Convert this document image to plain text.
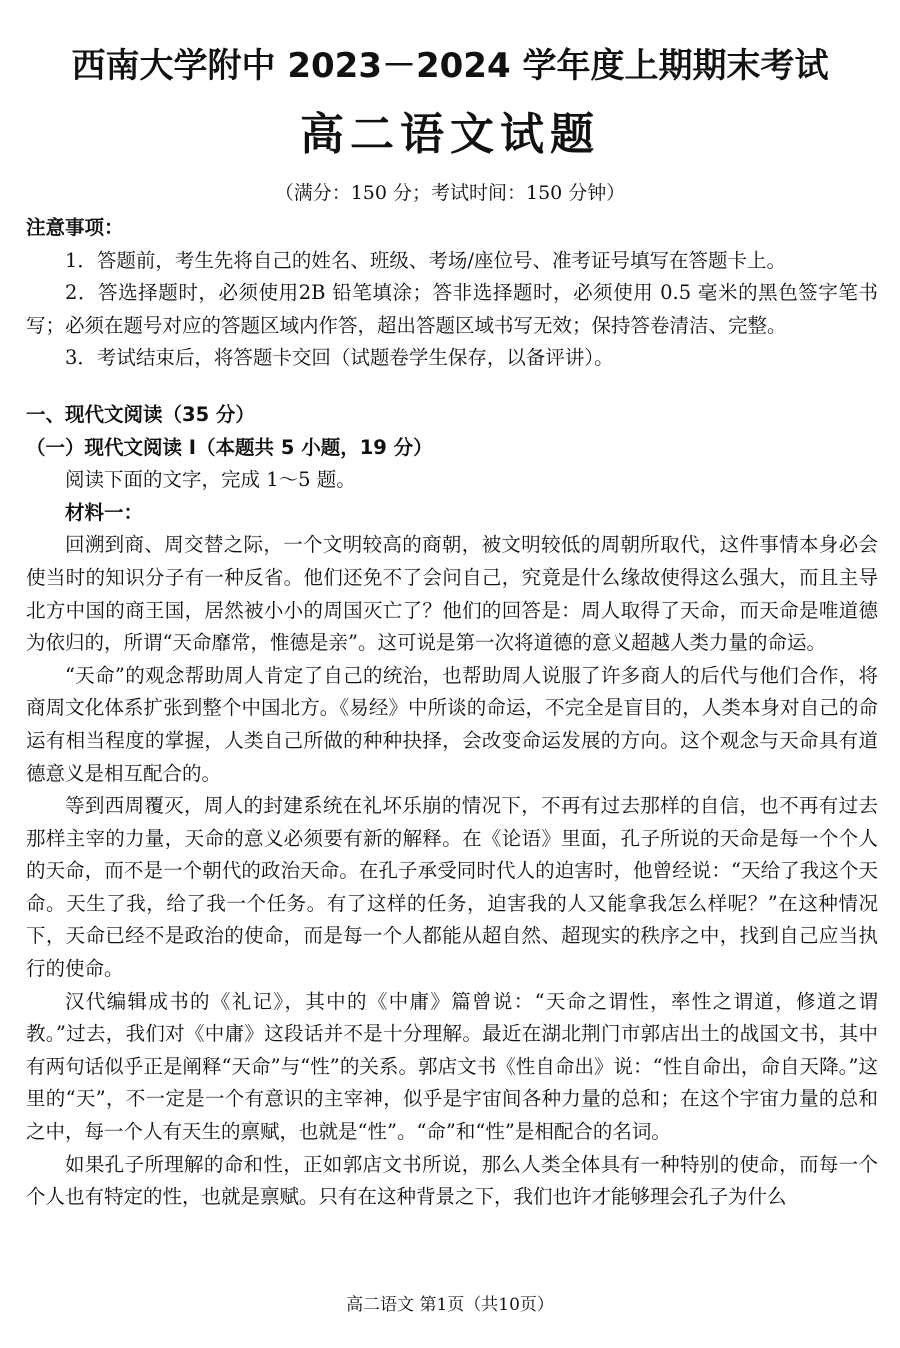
西南大学附中 2023－2024 学年度上期期末考试
高二语文试题
（满分：150 分；考试时间：150 分钟）

注意事项：

1．答题前，考生先将自己的姓名、班级、考场/座位号、准考证号填写在答题卡上。

2．答选择题时，必须使用2B 铅笔填涂；答非选择题时，必须使用 0.5 毫米的黑色签字笔书写；必须在题号对应的答题区域内作答，超出答题区域书写无效；保持答卷清洁、完整。

3．考试结束后，将答题卡交回（试题卷学生保存，以备评讲）。

一、现代文阅读（35 分）

（一）现代文阅读 I（本题共 5 小题，19 分）

阅读下面的文字，完成 1～5 题。

材料一：

回溯到商、周交替之际，一个文明较高的商朝，被文明较低的周朝所取代，这件事情本身必会使当时的知识分子有一种反省。他们还免不了会问自己，究竟是什么缘故使得这么强大，而且主导北方中国的商王国，居然被小小的周国灭亡了？他们的回答是：周人取得了天命，而天命是唯道德为依归的，所谓“天命靡常，惟德是亲”。这可说是第一次将道德的意义超越人类力量的命运。

“天命”的观念帮助周人肯定了自己的统治，也帮助周人说服了许多商人的后代与他们合作，将商周文化体系扩张到整个中国北方。《易经》中所谈的命运，不完全是盲目的，人类本身对自己的命运有相当程度的掌握，人类自己所做的种种抉择，会改变命运发展的方向。这个观念与天命具有道德意义是相互配合的。

等到西周覆灭，周人的封建系统在礼坏乐崩的情况下，不再有过去那样的自信，也不再有过去那样主宰的力量，天命的意义必须要有新的解释。在《论语》里面，孔子所说的天命是每一个个人的天命，而不是一个朝代的政治天命。在孔子承受同时代人的迫害时，他曾经说：“天给了我这个天命。天生了我，给了我一个任务。有了这样的任务，迫害我的人又能拿我怎么样呢？”在这种情况下，天命已经不是政治的使命，而是每一个人都能从超自然、超现实的秩序之中，找到自己应当执行的使命。

汉代编辑成书的《礼记》，其中的《中庸》篇曾说：“天命之谓性，率性之谓道，修道之谓教。”过去，我们对《中庸》这段话并不是十分理解。最近在湖北荆门市郭店出土的战国文书，其中有两句话似乎正是阐释“天命”与“性”的关系。郭店文书《性自命出》说：“性自命出，命自天降。”这里的“天”，不一定是一个有意识的主宰神，似乎是宇宙间各种力量的总和；在这个宇宙力量的总和之中，每一个人有天生的禀赋，也就是“性”。“命”和“性”是相配合的名词。

如果孔子所理解的命和性，正如郭店文书所说，那么人类全体具有一种特别的使命，而每一个个人也有特定的性，也就是禀赋。只有在这种背景之下，我们也许才能够理会孔子为什么

高二语文 第1页（共10页）
